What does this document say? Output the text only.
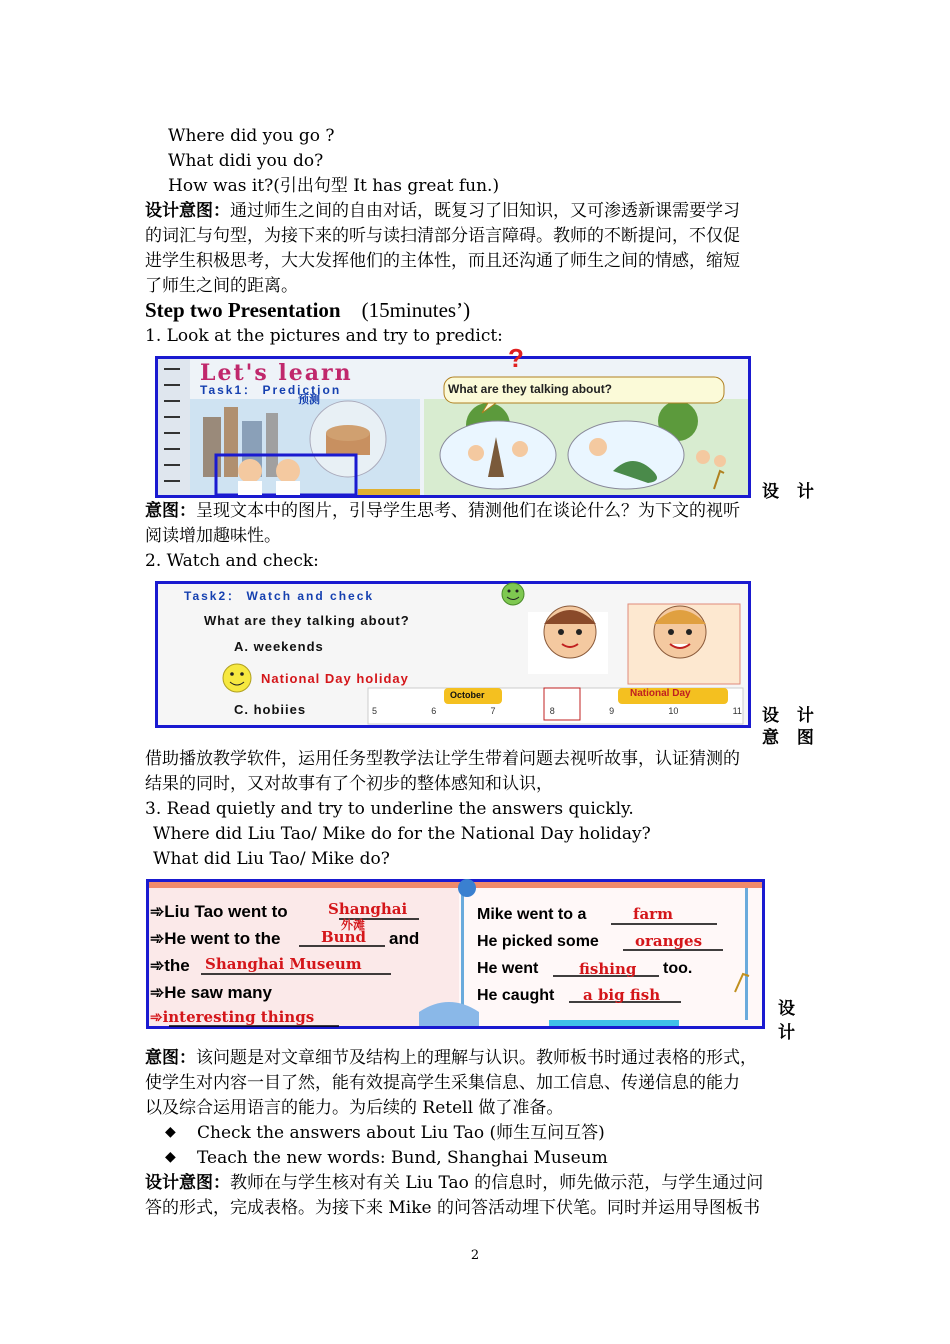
Where did you go ?
What didi you do?
How was it?(引出句型 It has great fun.)
设计意图：通过师生之间的自由对话，既复习了旧知识，又可渗透新课需要学习
的词汇与句型，为接下来的听与读扫清部分语言障碍。教师的不断提问，不仅促
进学生积极思考，大大发挥他们的主体性，而且还沟通了师生之间的情感，缩短
了师生之间的距离。
Step two Presentation (15minutes’)
1. Look at the pictures and try to predict:
?
Let's learn
Task1： Prediction
预测
What are they talking about?
设 计
意图：呈现文本中的图片，引导学生思考、猜测他们在谈论什么？为下文的视听
阅读增加趣味性。
2. Watch and check:
Task2： Watch and check
What are they talking about?
A. weekends
National Day holiday
C. hobiies
October	National Day
5	6	7	8	9	10	11 设 计
意 图
借助播放教学软件，运用任务型教学法让学生带着问题去视听故事，认证猜测的
结果的同时，又对故事有了个初步的整体感知和认识，
3. Read quietly and try to underline the answers quickly.
Where did Liu Tao/ Mike do for the National Day holiday?
What did Liu Tao/ Mike do?
➾Liu Tao went to	Shanghai
外滩
➾He went to the	Bund and
➾the Shanghai Museum
➾He saw many
➾interesting things
Mike went to a	farm
He picked some oranges
He went	fishing too.
He caught a big fish
设
计
意图：该问题是对文章细节及结构上的理解与认识。教师板书时通过表格的形式，
使学生对内容一目了然，能有效提高学生采集信息、加工信息、传递信息的能力
以及综合运用语言的能力。为后续的 Retell 做了准备。
◆ Check the answers about Liu Tao (师生互问互答)
◆ Teach the new words: Bund, Shanghai Museum
设计意图：教师在与学生核对有关 Liu Tao 的信息时，师先做示范，与学生通过问
答的形式，完成表格。为接下来 Mike 的问答活动埋下伏笔。同时并运用导图板书
2
